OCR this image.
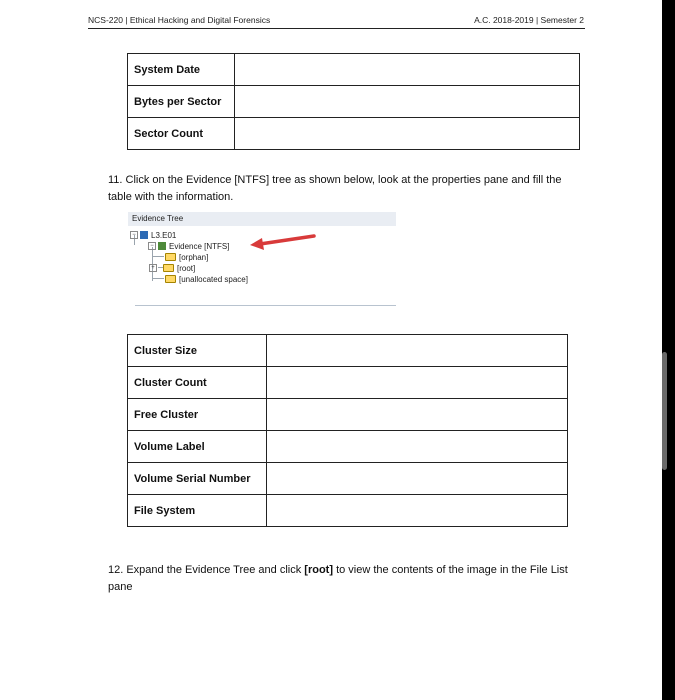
NCS-220 | Ethical Hacking and Digital Forensics	A.C. 2018-2019 | Semester 2
System Date	
Bytes per Sector	
Sector Count	
11. Click on the Evidence [NTFS] tree as shown below, look at the properties pane and fill the table with the information.
Evidence Tree
− L3.E01
− Evidence [NTFS]
[orphan]
+	[root]
[unallocated space]
Cluster Size	
Cluster Count	
Free Cluster	
Volume Label	
Volume Serial Number	
File System	
12. Expand the Evidence Tree and click [root] to view the contents of the image in the File List pane
